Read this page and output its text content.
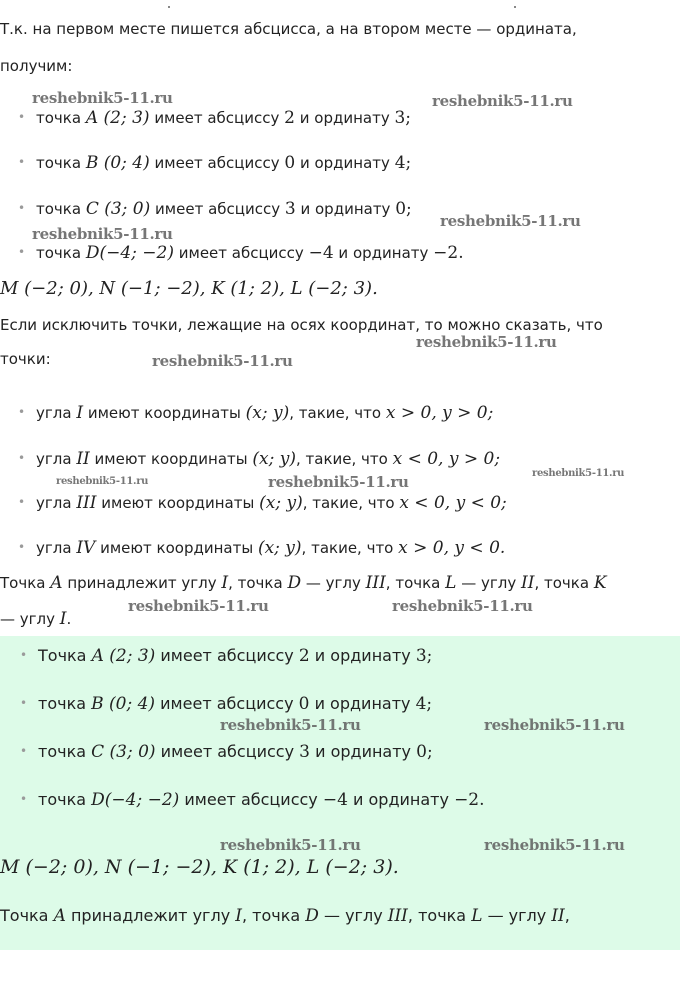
Т.к. на первом месте пишется абсцисса, а на втором месте — ордината,
получим:
• точка A (2; 3) имеет абсциссу 2 и ординату 3;
• точка B (0; 4) имеет абсциссу 0 и ординату 4;
• точка C (3; 0) имеет абсциссу 3 и ординату 0;
• точка D(−4; −2) имеет абсциссу −4 и ординату −2.
M (−2; 0), N (−1; −2), K (1; 2), L (−2; 3).
Если исключить точки, лежащие на осях координат, то можно сказать, что
точки:
• угла I имеют координаты (x; y), такие, что x > 0, y > 0;
• угла II имеют координаты (x; y), такие, что x < 0, y > 0;
• угла III имеют координаты (x; y), такие, что x < 0, y < 0;
• угла IV имеют координаты (x; y), такие, что x > 0, y < 0.
Точка A принадлежит углу I, точка D — углу III, точка L — углу II, точка K
— углу I.
• Точка A (2; 3) имеет абсциссу 2 и ординату 3;
• точка B (0; 4) имеет абсциссу 0 и ординату 4;
• точка C (3; 0) имеет абсциссу 3 и ординату 0;
• точка D(−4; −2) имеет абсциссу −4 и ординату −2.
M (−2; 0), N (−1; −2), K (1; 2), L (−2; 3).
Точка A принадлежит углу I, точка D — углу III, точка L — углу II,
reshebnik5-11.ru	reshebnik5-11.ru
reshebnik5-11.ru
reshebnik5-11.ru
reshebnik5-11.ru
reshebnik5-11.ru
reshebnik5-11.ru
reshebnik5-11.ru	reshebnik5-11.ru
reshebnik5-11.ru	reshebnik5-11.ru
reshebnik5-11.ru	reshebnik5-11.ru
reshebnik5-11.ru	reshebnik5-11.ru
